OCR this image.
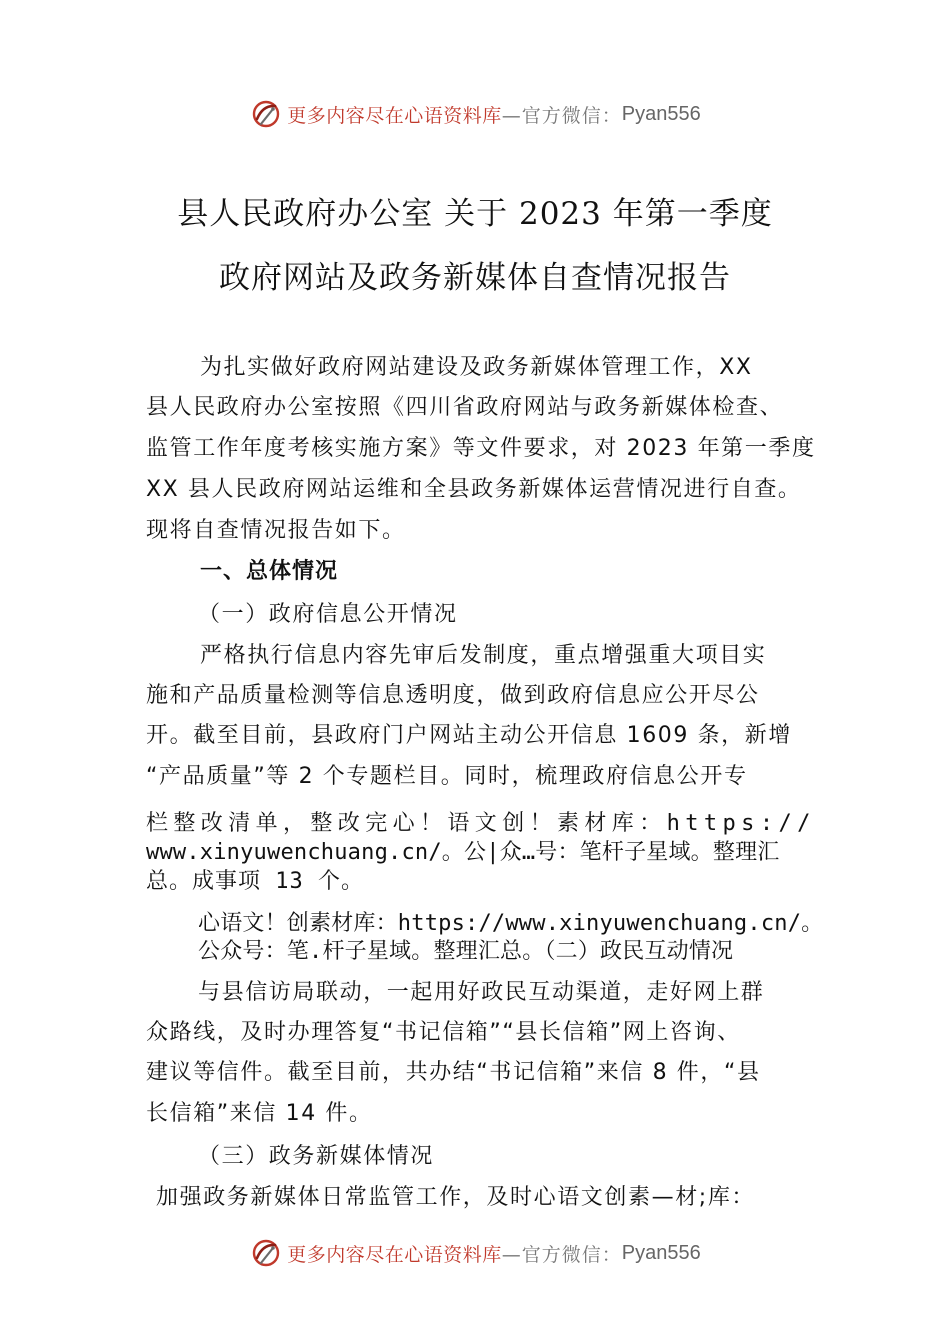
更多内容尽在心语资料库 —官方微信： Pyan556
县人民政府办公室 关于 2023 年第一季度
政府网站及政务新媒体自查情况报告
为扎实做好政府网站建设及政务新媒体管理工作，XX
县人民政府办公室按照《四川省政府网站与政务新媒体检查、
监管工作年度考核实施方案》等文件要求，对 2023 年第一季度
XX 县人民政府网站运维和全县政务新媒体运营情况进行自查。
现将自查情况报告如下。
一、总体情况
（一）政府信息公开情况
严格执行信息内容先审后发制度，重点增强重大项目实
施和产品质量检测等信息透明度，做到政府信息应公开尽公
开。截至目前，县政府门户网站主动公开信息 1609 条，新增
“产品质量”等 2 个专题栏目。同时，梳理政府信息公开专
栏整改清单，整改完心！语文创！素材库：https://
www.xinyuwenchuang.cn/。公|众…号：笔杆子星域。整理汇
总。成事项 13 个。
心语文！创素材库：https://www.xinyuwenchuang.cn/。
公众号：笔.杆子星域。整理汇总。（二）政民互动情况
与县信访局联动，一起用好政民互动渠道，走好网上群
众路线，及时办理答复“书记信箱”“县长信箱”网上咨询、
建议等信件。截至目前，共办结“书记信箱”来信 8 件，“县
长信箱”来信 14 件。
（三）政务新媒体情况
加强政务新媒体日常监管工作，及时心语文创素—材;库：
更多内容尽在心语资料库 —官方微信： Pyan556
